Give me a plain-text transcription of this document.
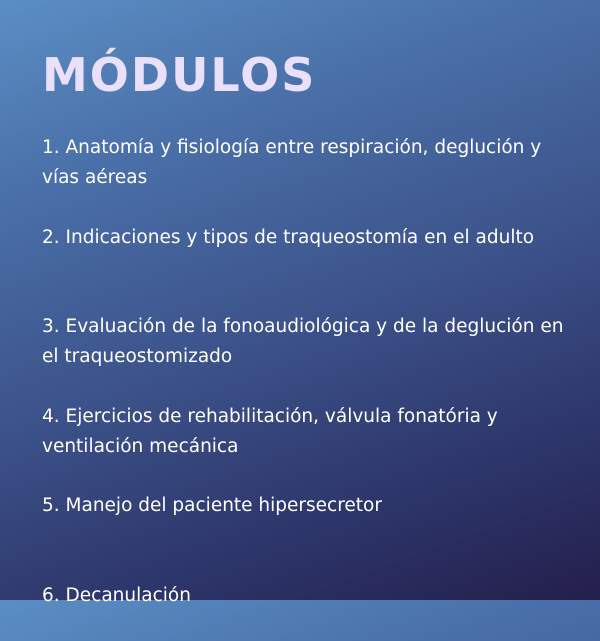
MÓDULOS
1. Anatomía y fisiología entre respiración, deglución y vías aéreas
2. Indicaciones y tipos de traqueostomía en el adulto
3. Evaluación de la fonoaudiológica y de la deglución en el traqueostomizado
4. Ejercicios de rehabilitación, válvula fonatória y ventilación mecánica
5. Manejo del paciente hipersecretor
6. Decanulación
